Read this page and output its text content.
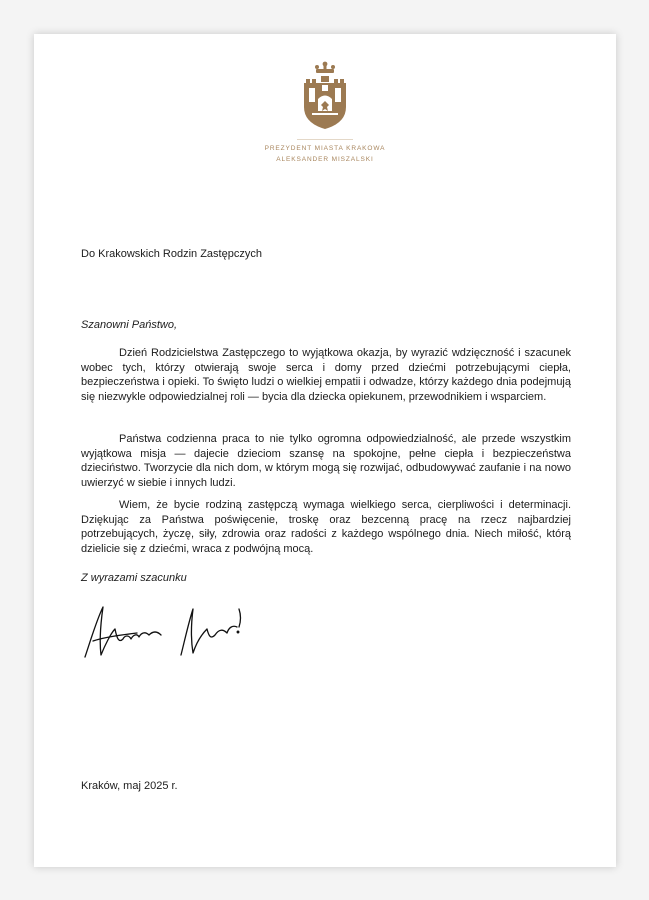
PREZYDENT MIASTA KRAKOWA
ALEKSANDER MISZALSKI
Do Krakowskich Rodzin Zastępczych
Szanowni Państwo,

Dzień Rodzicielstwa Zastępczego to wyjątkowa okazja, by wyrazić wdzięczność i szacunek wobec tych, którzy otwierają swoje serca i domy przed dziećmi potrzebującymi ciepła, bezpieczeństwa i opieki. To święto ludzi o wielkiej empatii i odwadze, którzy każdego dnia podejmują się niezwykle odpowiedzialnej roli — bycia dla dziecka opiekunem, przewodnikiem i wsparciem.

Państwa codzienna praca to nie tylko ogromna odpowiedzialność, ale przede wszystkim wyjątkowa misja — dajecie dzieciom szansę na spokojne, pełne ciepła i bezpieczeństwa dzieciństwo. Tworzycie dla nich dom, w którym mogą się rozwijać, odbudowywać zaufanie i na nowo uwierzyć w siebie i innych ludzi.

Wiem, że bycie rodziną zastępczą wymaga wielkiego serca, cierpliwości i determinacji. Dziękując za Państwa poświęcenie, troskę oraz bezcenną pracę na rzecz najbardziej potrzebujących, życzę, siły, zdrowia oraz radości z każdego wspólnego dnia. Niech miłość, którą dzielicie się z dziećmi, wraca z podwójną mocą.

Z wyrazami szacunku
Kraków, maj 2025 r.
